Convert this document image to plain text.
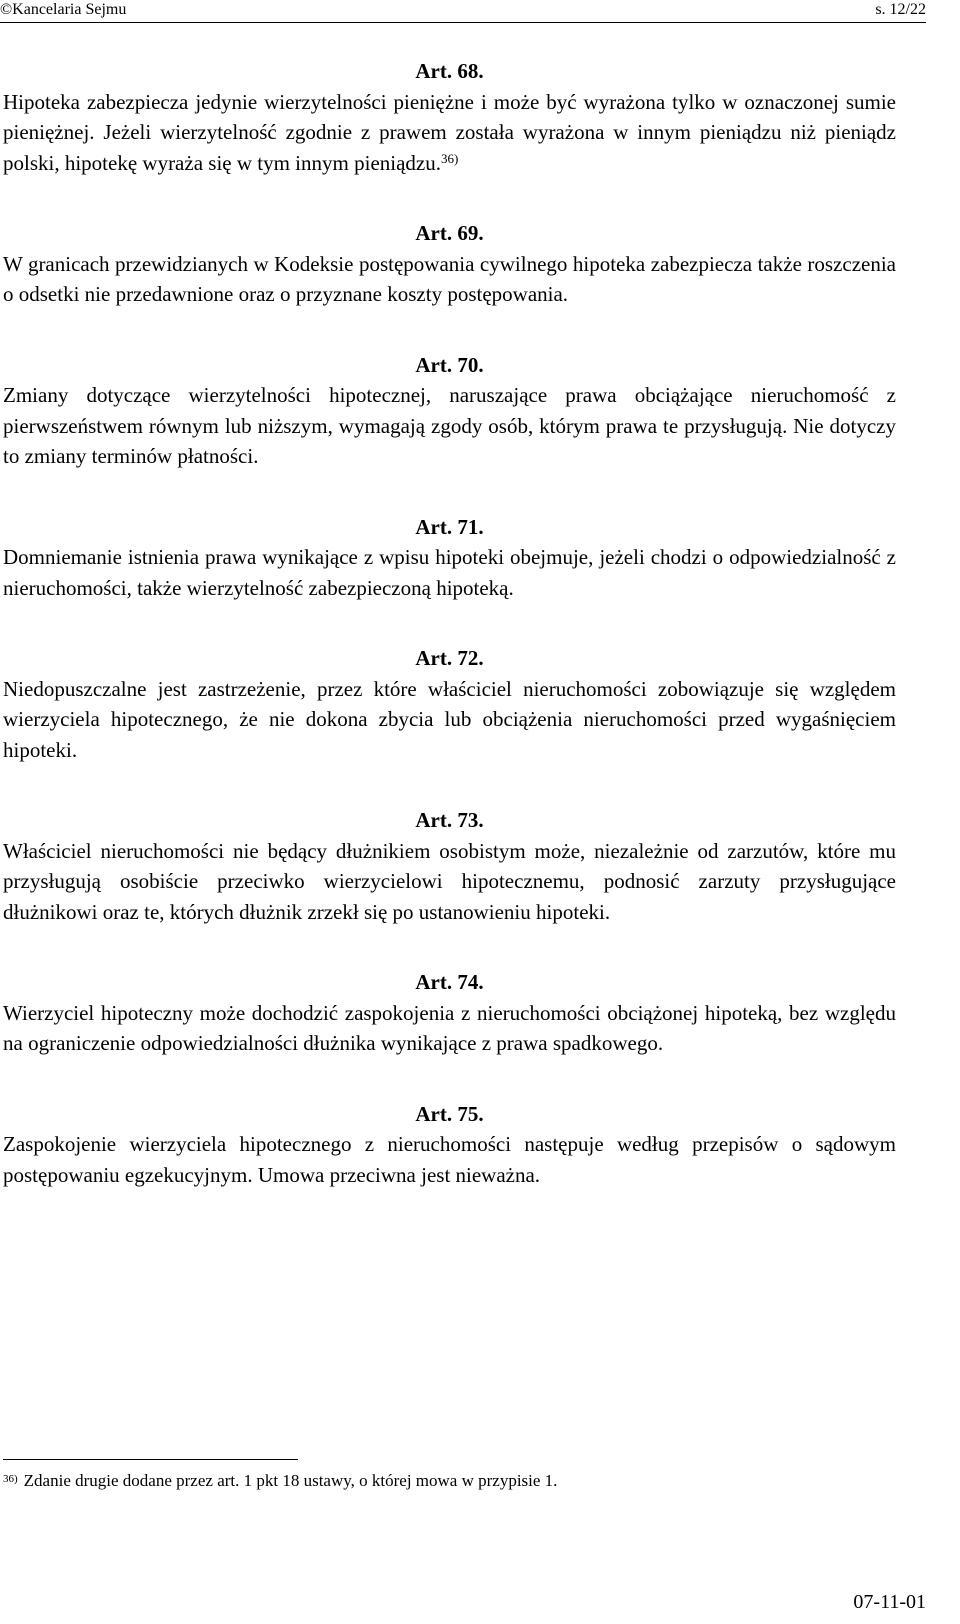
©Kancelaria Sejmu	s. 12/22

Art. 68.

Hipoteka zabezpiecza jedynie wierzytelności pieniężne i może być wyrażona tylko w oznaczonej sumie pieniężnej. Jeżeli wierzytelność zgodnie z prawem została wyrażona w innym pieniądzu niż pieniądz polski, hipotekę wyraża się w tym innym pieniądzu.$^{36)}$

Art. 69.

W granicach przewidzianych w Kodeksie postępowania cywilnego hipoteka zabezpiecza także roszczenia o odsetki nie przedawnione oraz o przyznane koszty postępowania.

Art. 70.

Zmiany dotyczące wierzytelności hipotecznej, naruszające prawa obciążające nieruchomość z pierwszeństwem równym lub niższym, wymagają zgody osób, którym prawa te przysługują. Nie dotyczy to zmiany terminów płatności.

Art. 71.

Domniemanie istnienia prawa wynikające z wpisu hipoteki obejmuje, jeżeli chodzi o odpowiedzialność z nieruchomości, także wierzytelność zabezpieczoną hipoteką.

Art. 72.

Niedopuszczalne jest zastrzeżenie, przez które właściciel nieruchomości zobowiązuje się względem wierzyciela hipotecznego, że nie dokona zbycia lub obciążenia nieruchomości przed wygaśnięciem hipoteki.

Art. 73.

Właściciel nieruchomości nie będący dłużnikiem osobistym może, niezależnie od zarzutów, które mu przysługują osobiście przeciwko wierzycielowi hipotecznemu, podnosić zarzuty przysługujące dłużnikowi oraz te, których dłużnik zrzekł się po ustanowieniu hipoteki.

Art. 74.

Wierzyciel hipoteczny może dochodzić zaspokojenia z nieruchomości obciążonej hipoteką, bez względu na ograniczenie odpowiedzialności dłużnika wynikające z prawa spadkowego.

Art. 75.

Zaspokojenie wierzyciela hipotecznego z nieruchomości następuje według przepisów o sądowym postępowaniu egzekucyjnym. Umowa przeciwna jest nieważna.

$^{36)}$ Zdanie drugie dodane przez art. 1 pkt 18 ustawy, o której mowa w przypisie 1.
07-11-01
